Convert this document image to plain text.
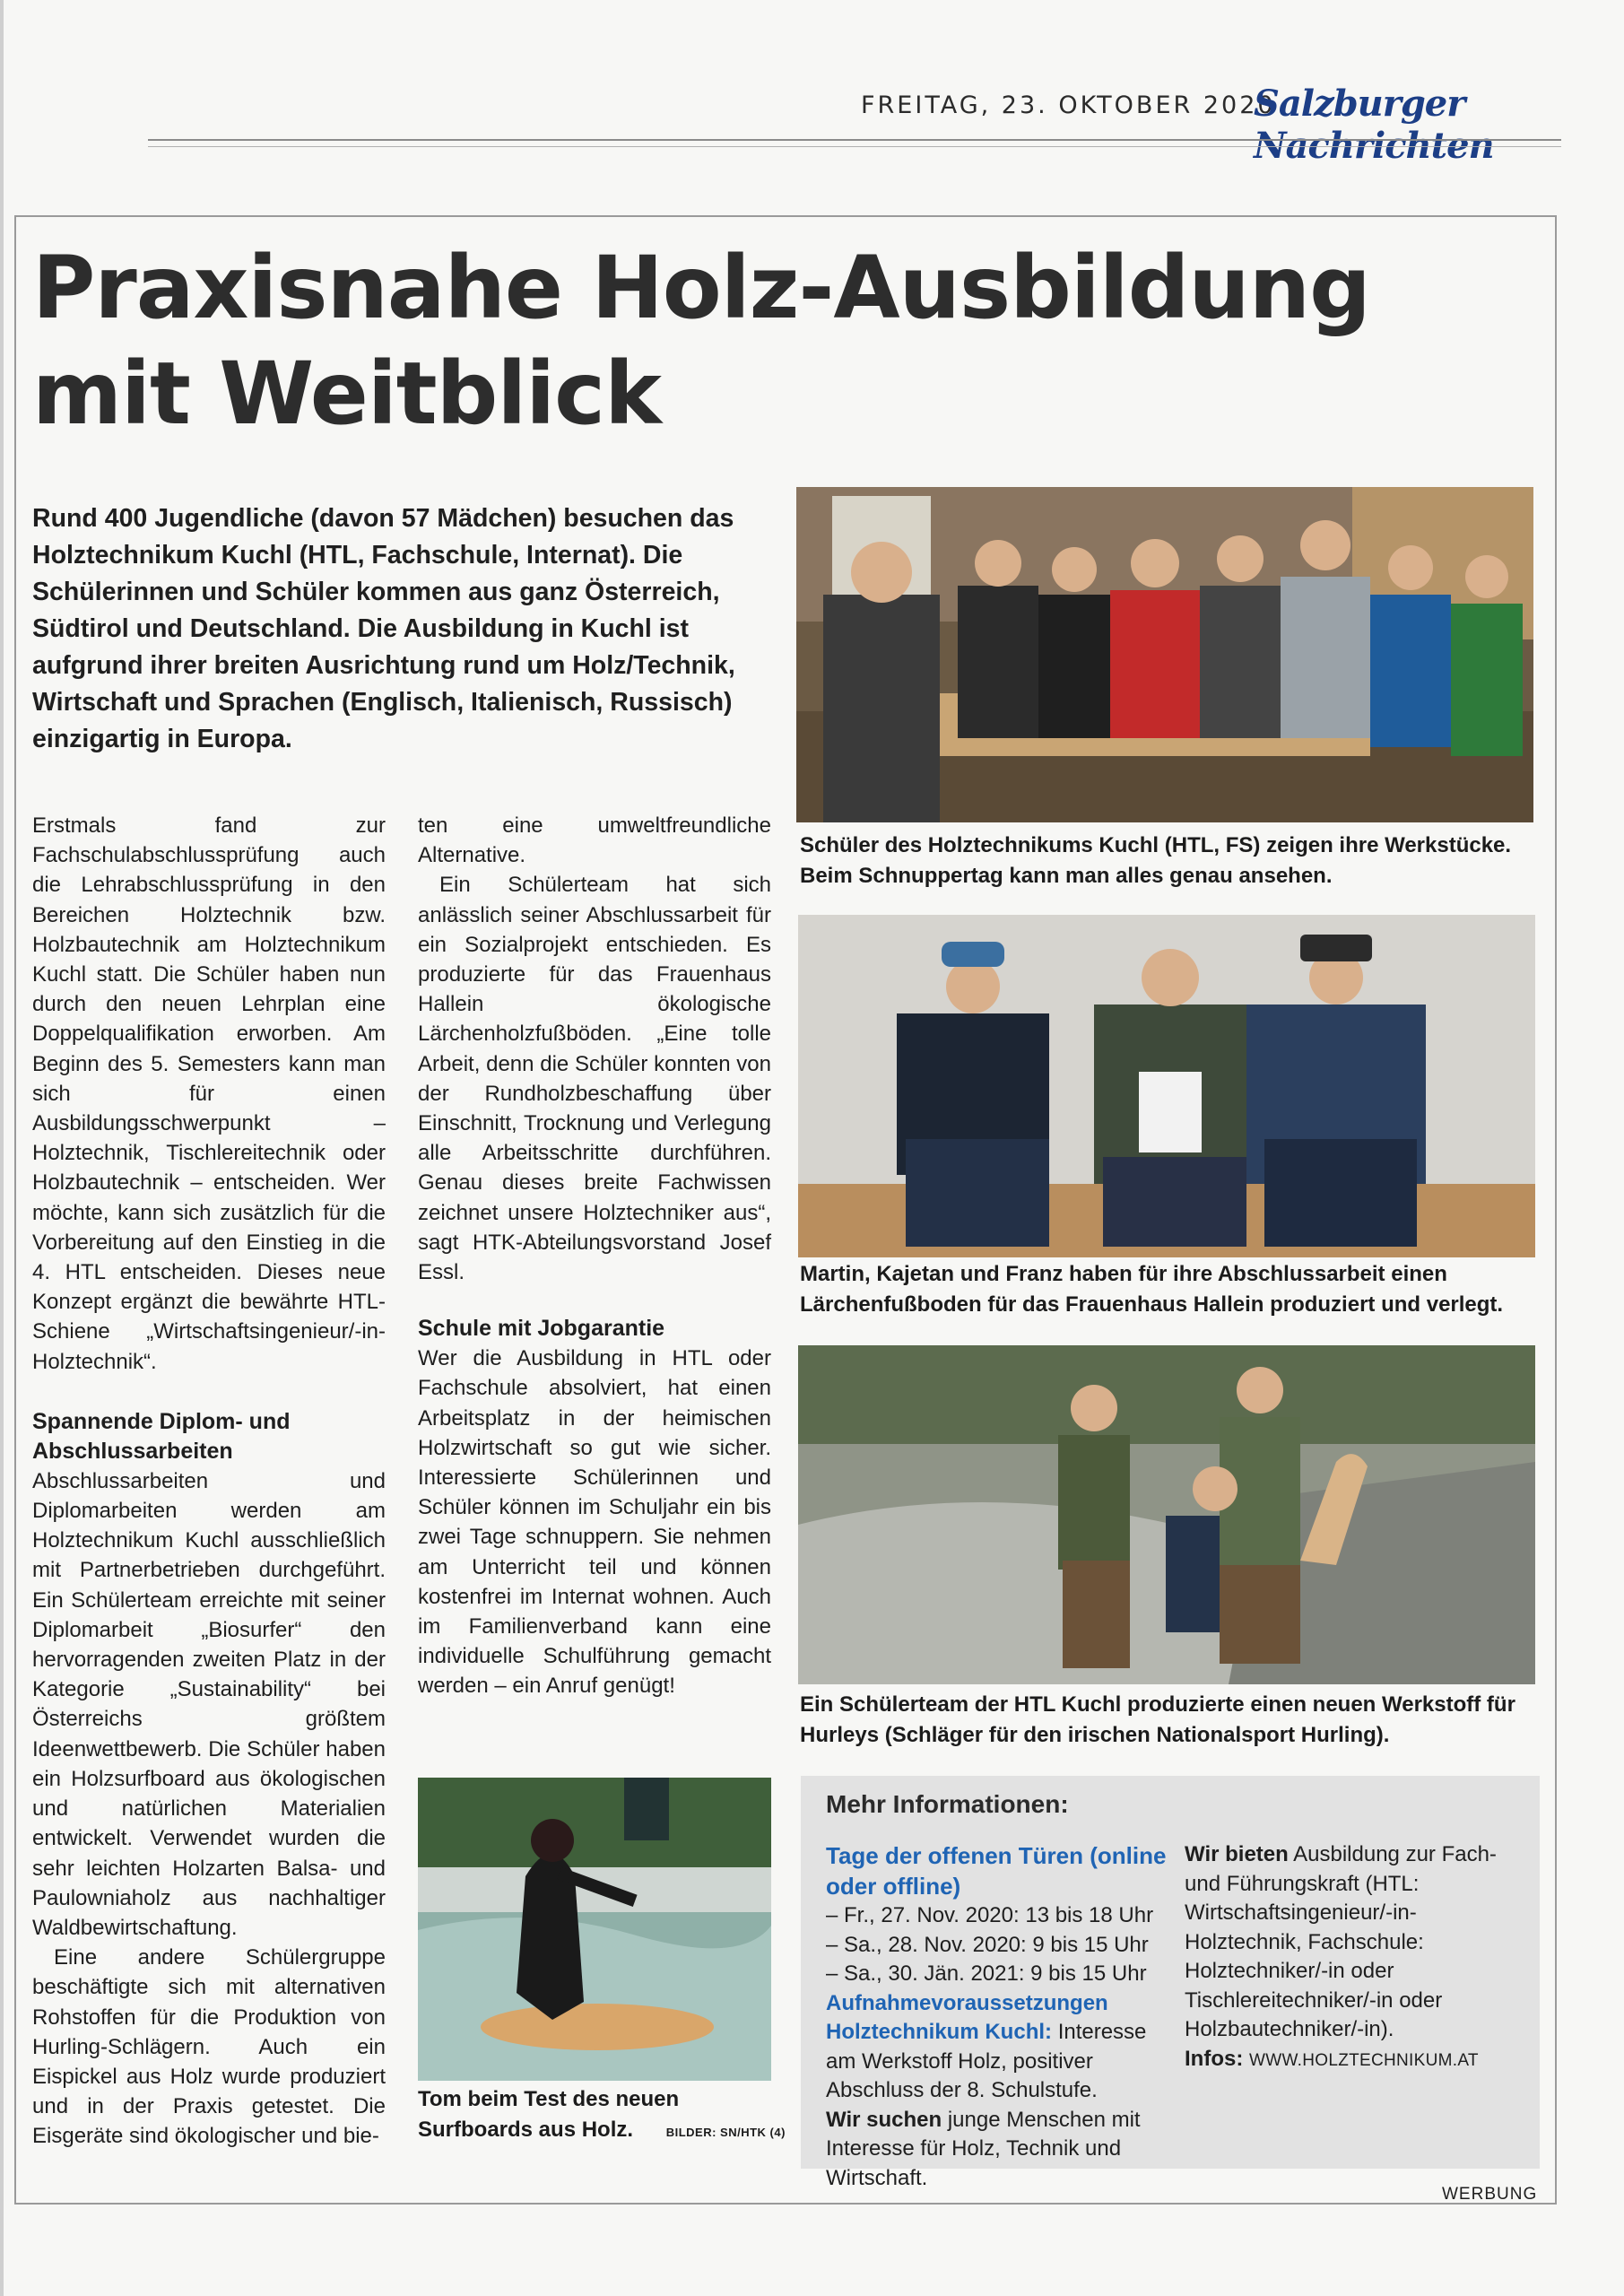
FREITAG, 23. OKTOBER 2020
Salzburger
Praxisnahe Holz-Ausbildung
mit Weitblick

Rund 400 Jugendliche (davon 57 Mädchen) besuchen das Holztechnikum Kuchl (HTL, Fachschule, Internat). Die Schülerinnen und Schüler kommen aus ganz Österreich, Südtirol und Deutschland. Die Ausbildung in Kuchl ist aufgrund ihrer breiten Ausrichtung rund um Holz/Technik, Wirtschaft und Sprachen (Englisch, Italienisch, Russisch) einzigartig in Europa.

Erstmals fand zur Fachschulabschlussprüfung auch die Lehrabschlussprüfung in den Bereichen Holztechnik bzw. Holzbautechnik am Holztechnikum Kuchl statt. Die Schüler haben nun durch den neuen Lehrplan eine Doppelqualifikation erworben. Am Beginn des 5. Semesters kann man sich für einen Ausbildungsschwerpunkt – Holztechnik, Tischlereitechnik oder Holzbautechnik – entscheiden. Wer möchte, kann sich zusätzlich für die Vorbereitung auf den Einstieg in die 4. HTL entscheiden. Dieses neue Konzept ergänzt die bewährte HTL-Schiene „Wirtschaftsingenieur/-in-Holztechnik“.

Spannende Diplom- und Abschlussarbeiten

Abschlussarbeiten und Diplomarbeiten werden am Holztechnikum Kuchl ausschließlich mit Partnerbetrieben durchgeführt. Ein Schülerteam erreichte mit seiner Diplomarbeit „Biosurfer“ den hervorragenden zweiten Platz in der Kategorie „Sustainability“ bei Österreichs größtem Ideenwettbewerb. Die Schüler haben ein Holzsurfboard aus ökologischen und natürlichen Materialien entwickelt. Verwendet wurden die sehr leichten Holzarten Balsa- und Paulowniaholz aus nachhaltiger Waldbewirtschaftung.

Eine andere Schülergruppe beschäftigte sich mit alternativen Rohstoffen für die Produktion von Hurling-Schlägern. Auch ein Eispickel aus Holz wurde produziert und in der Praxis getestet. Die Eisgeräte sind ökologischer und bie-

ten eine umweltfreundliche Alternative.

Ein Schülerteam hat sich anlässlich seiner Abschlussarbeit für ein Sozialprojekt entschieden. Es produzierte für das Frauenhaus Hallein ökologische Lärchenholzfußböden. „Eine tolle Arbeit, denn die Schüler konnten von der Rundholzbeschaffung über Einschnitt, Trocknung und Verlegung alle Arbeitsschritte durchführen. Genau dieses breite Fachwissen zeichnet unsere Holztechniker aus“, sagt HTK-Abteilungsvorstand Josef Essl.

Schule mit Jobgarantie

Wer die Ausbildung in HTL oder Fachschule absolviert, hat einen Arbeitsplatz in der heimischen Holzwirtschaft so gut wie sicher. Interessierte Schülerinnen und Schüler können im Schuljahr ein bis zwei Tage schnuppern. Sie nehmen am Unterricht teil und können kostenfrei im Internat wohnen. Auch im Familienverband kann eine individuelle Schulführung gemacht werden – ein Anruf genügt!

Schüler des Holztechnikums Kuchl (HTL, FS) zeigen ihre Werkstücke. Beim Schnuppertag kann man alles genau ansehen.
Martin, Kajetan und Franz haben für ihre Abschlussarbeit einen Lärchenfußboden für das Frauenhaus Hallein produziert und verlegt.
Ein Schülerteam der HTL Kuchl produzierte einen neuen Werkstoff für Hurleys (Schläger für den irischen Nationalsport Hurling).
Tom beim Test des neuen Surfboards aus Holz.	BILDER: SN/HTK (4)
Mehr Informationen:

Tage der offenen Türen (online oder offline)

– Fr., 27. Nov. 2020: 13 bis 18 Uhr

– Sa., 28. Nov. 2020: 9 bis 15 Uhr

– Sa., 30. Jän. 2021: 9 bis 15 Uhr

Aufnahmevoraussetzungen Holztechnikum Kuchl: Interesse am Werkstoff Holz, positiver Abschluss der 8. Schulstufe.

Wir suchen junge Menschen mit Interesse für Holz, Technik und Wirtschaft.

Wir bieten Ausbildung zur Fach- und Führungskraft (HTL: Wirtschaftsingenieur/-in-Holztechnik, Fachschule: Holztechniker/-in oder Tischlereitechniker/-in oder Holzbautechniker/-in).

Infos: WWW.HOLZTECHNIKUM.AT

WERBUNG
